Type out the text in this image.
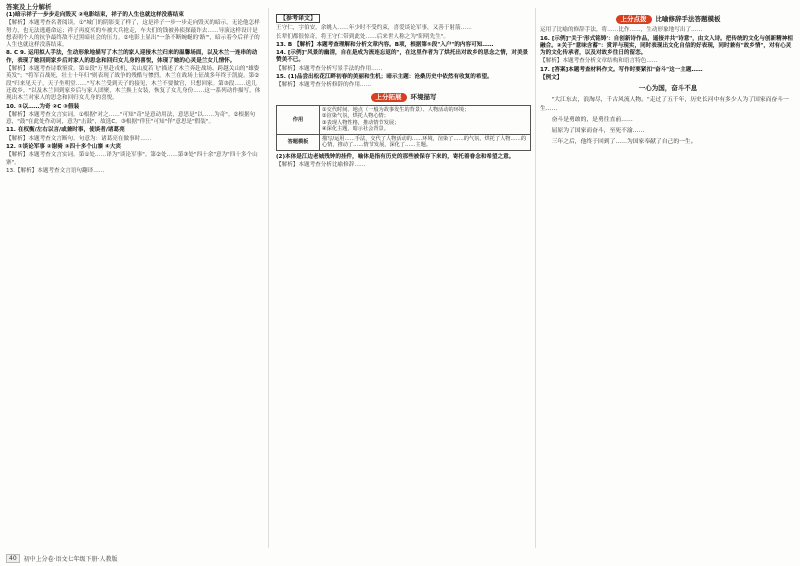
答案及上分解析

(1)暗示祥子一步步走向毁灭 ②电影结束，祥子的人生也就这样没落结束

【解析】本题考查名著阅读。①"城门的阴影变了样了，这是祥子一步一步走向毁灭的暗示，无论他怎样努力，也无法逃避命运；祥子再度买的车被大兵抢走，车夫们的钱被孙侦探敲诈去……导演这样设计是想表明个人的抗争最终敌不过黑暗社会的压力。②电影上显出"一条不断蜿蜒的'路'"，暗示着今后祥子的人生也就这样没落结束。

8. C 9. 运用拟人手法，生动形象地描写了木兰的家人迎接木兰归来的温馨场面，以及木兰一连串的动作，表现了她回到家乡后对家人的思念和回归女儿身的喜悦，体现了她的心灵是兰女儿情怀。

【解析】本题考查诗歌鉴赏。第①段"万里赴戎机，关山度若飞"描述了木兰奔赴战场、跨越关山的"雄姿英发"；"将军百战死，壮士十年归"则表现了战争的残酷与惨烈，木兰在战场上征战多年终于凯旋。第②段"归来见天子，天子坐明堂……"写木兰受到天子的接见，木兰不要做官，只想回家。第③段……送儿还故乡。"以及木兰回到家乡后与家人团聚，木兰换上女装，恢复了女儿身份……这一系列动作描写，体现出木兰对家人的思念和回归女儿身的喜悦。

10. ①以……为奇 ②C ③假装

【解析】本题考查文言实词。①根据"对之……"可知"奇"是意动用法，意思是"以……为奇"。②根据句意，"鼓"在此处作动词，意为"击鼓"，故选C。③根据"佯狂"可知"佯"意思是"假装"。

11. 在权衡/左右以言/或兼时事，使谈者/诸葛亮

【解析】本题考查文言断句。句意为：诸葛亮在做事时……

12. ①谈论军事 ②谢骑 ③四十多个山寨 ④大宾

【解析】本题考查文言实词。第①处……译为"谈论军事"。第②处……第③处"四十余"意为"四十多个山寨"。

13.【解析】本题考查文言语句翻译……

【参考译文】

王守仁，字伯安，余姚人……年少时不受约束，喜爱谈论军事，又善于射箭……

长辈们都很惊奇，将王守仁带到此处……后来世人称之为"阳明先生"。

13. B 【解析】本题考查理解和分析文章内容。B项，根据第⑤段"入户"的内容可知……

14. [示例]"风景的幽清，自在是成为流连忘返的"，在这里作者为了烘托出对故乡的思念之情，对美景赞美不已。

【解析】本题考查分析写景手法的作用……

15. (1)品尝出松花江畔初春的美丽和生机；暗示主题：沧桑历史中依然有收复的希望。

【解析】本题考查分析修辞的作用……

上分拓展	环境描写
作用	①交代时间、地点（一般为故事发生的背景）、人物活动的环境；
②渲染气氛，烘托人物心情；
③表现人物性格，推动情节发展；
④深化主题，暗示社会背景。

答题模板	描写/运用……手法，交代了人物活动的……环境，渲染了……的气氛，烘托了人物……的心情，推动了……情节发展，深化了……主题。

(2)本体是江边老城残钟的挂件，喻体是指有历史的那些被保存下来的，寄托着眷念和希望之意。

【解析】本题考查分析比喻修辞……

上分点拨	比喻修辞手法答题模板

运用了比喻的修辞手法，将……比作……，生动形象地写出了……

16. [示例]"关于'形式铭铸'：自创新诗作品，遥接并共"诗意"，由文入诗。把传统的文化与创新精神相融合。②关于"意味含蓄"：赏评与现实，同时表现出文化自信的好表现，同时兼有"故乡情"，对有心灵为的文化传承者，以及对故乡往日的留恋。

【解析】本题考查分析文章结构和语言特色……

17. [答案]本题考查材料作文。写作时要紧扣"奋斗"这一主题……

【例文】

一心为国，奋斗不息

"大江东去，浪淘尽，千古风流人物。"走过了五千年，历史长河中有多少人为了国家而奋斗一生……

奋斗是勇敢的，是勇往直前……

屈原为了国家而奋斗，至死不渝……

三年之后，他终于回到了……为国家奉献了自己的一生。

40	初中上分卷·语文七年级下册·人教版
